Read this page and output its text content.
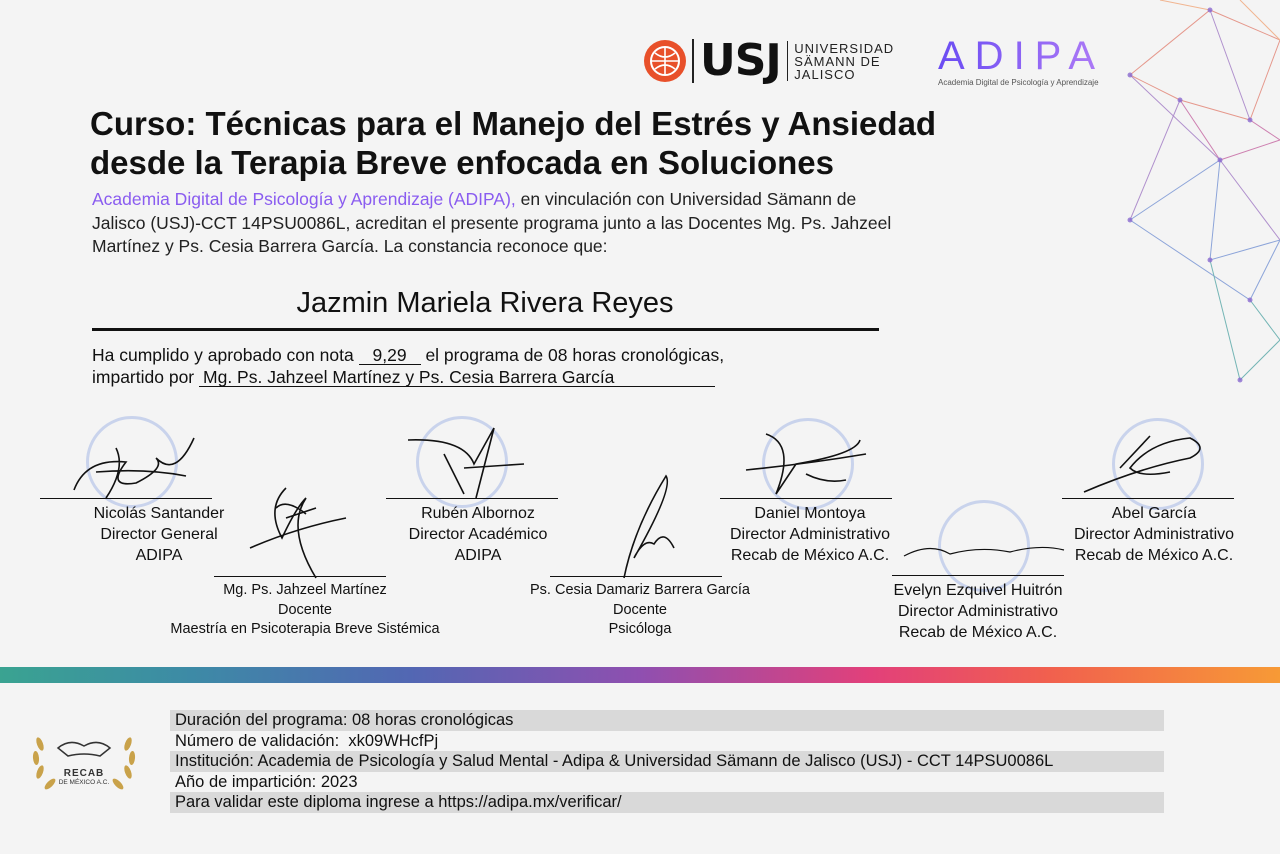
USJ UNIVERSIDAD
SÄMANN DE
JALISCO	ADIPA
Academia Digital de Psicología y Aprendizaje
Curso: Técnicas para el Manejo del Estrés y Ansiedad
desde la Terapia Breve enfocada en Soluciones
Academia Digital de Psicología y Aprendizaje (ADIPA), en vinculación con Universidad Sämann de Jalisco (USJ)-CCT 14PSU0086L, acreditan el presente programa junto a las Docentes Mg. Ps. Jahzeel Martínez y Ps. Cesia Barrera García. La constancia reconoce que:
Jazmin Mariela Rivera Reyes
Ha cumplido y aprobado con nota 9,29 el programa de 08 horas cronológicas,
impartido por Mg. Ps. Jahzeel Martínez y Ps. Cesia Barrera García
Nicolás Santander
Director General
ADIPA
Mg. Ps. Jahzeel Martínez
Docente
Maestría en Psicoterapia Breve Sistémica
Rubén Albornoz
Director Académico
ADIPA
Ps. Cesia Damariz Barrera García
Docente
Psicóloga
Daniel Montoya
Director Administrativo
Recab de México A.C.
Evelyn Ezquivel Huitrón
Director Administrativo
Recab de México A.C.
Abel García
Director Administrativo
Recab de México A.C.
RECAB
DE MÉXICO A.C.
Duración del programa: 08 horas cronológicas
Número de validación: xk09WHcfPj
Institución: Academia de Psicología y Salud Mental - Adipa & Universidad Sämann de Jalisco (USJ) - CCT 14PSU0086L
Año de impartición: 2023
Para validar este diploma ingrese a https://adipa.mx/verificar/
